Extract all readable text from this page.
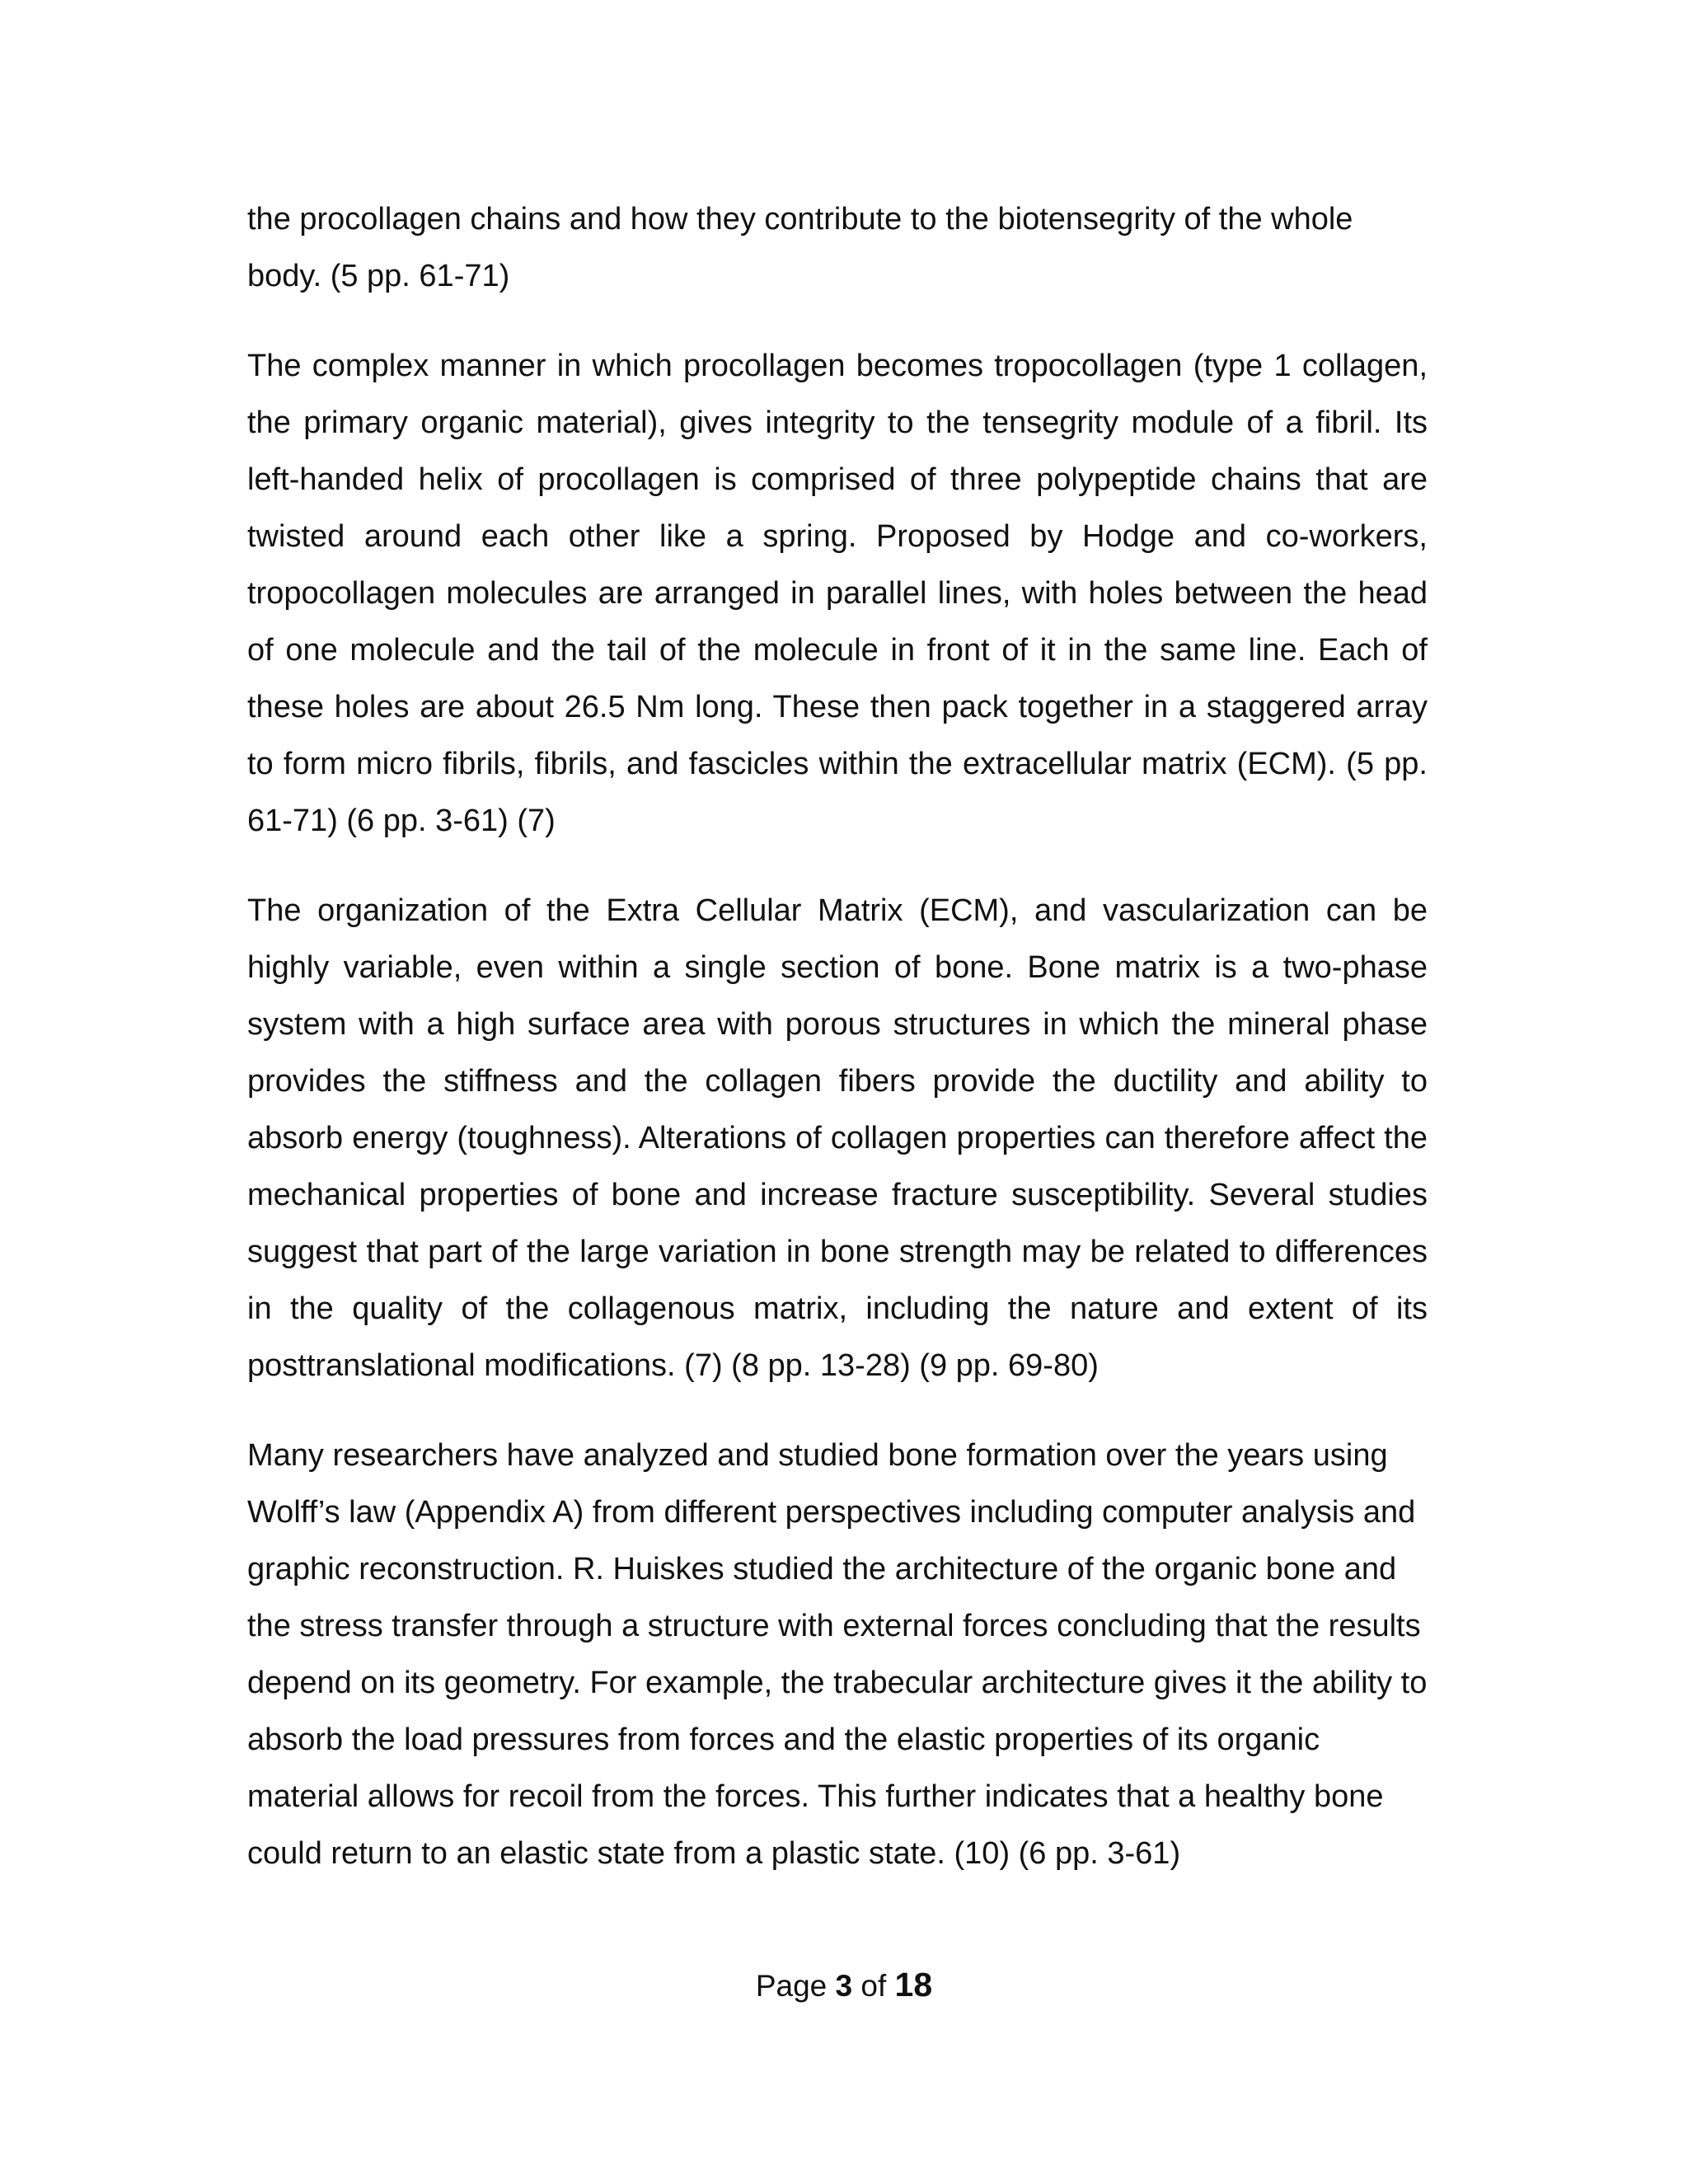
the procollagen chains and how they contribute to the biotensegrity of the whole body. (5 pp. 61-71)

The complex manner in which procollagen becomes tropocollagen (type 1 collagen, the primary organic material), gives integrity to the tensegrity module of a fibril. Its left-handed helix of procollagen is comprised of three polypeptide chains that are twisted around each other like a spring. Proposed by Hodge and co-workers, tropocollagen molecules are arranged in parallel lines, with holes between the head of one molecule and the tail of the molecule in front of it in the same line. Each of these holes are about 26.5 Nm long. These then pack together in a staggered array to form micro fibrils, fibrils, and fascicles within the extracellular matrix (ECM). (5 pp. 61-71) (6 pp. 3-61) (7)

The organization of the Extra Cellular Matrix (ECM), and vascularization can be highly variable, even within a single section of bone. Bone matrix is a two-phase system with a high surface area with porous structures in which the mineral phase provides the stiffness and the collagen fibers provide the ductility and ability to absorb energy (toughness). Alterations of collagen properties can therefore affect the mechanical properties of bone and increase fracture susceptibility. Several studies suggest that part of the large variation in bone strength may be related to differences in the quality of the collagenous matrix, including the nature and extent of its posttranslational modifications. (7) (8 pp. 13-28) (9 pp. 69-80)

Many researchers have analyzed and studied bone formation over the years using Wolff’s law (Appendix A) from different perspectives including computer analysis and graphic reconstruction. R. Huiskes studied the architecture of the organic bone and the stress transfer through a structure with external forces concluding that the results depend on its geometry. For example, the trabecular architecture gives it the ability to absorb the load pressures from forces and the elastic properties of its organic material allows for recoil from the forces. This further indicates that a healthy bone could return to an elastic state from a plastic state. (10) (6 pp. 3-61)

Page 3 of 18
